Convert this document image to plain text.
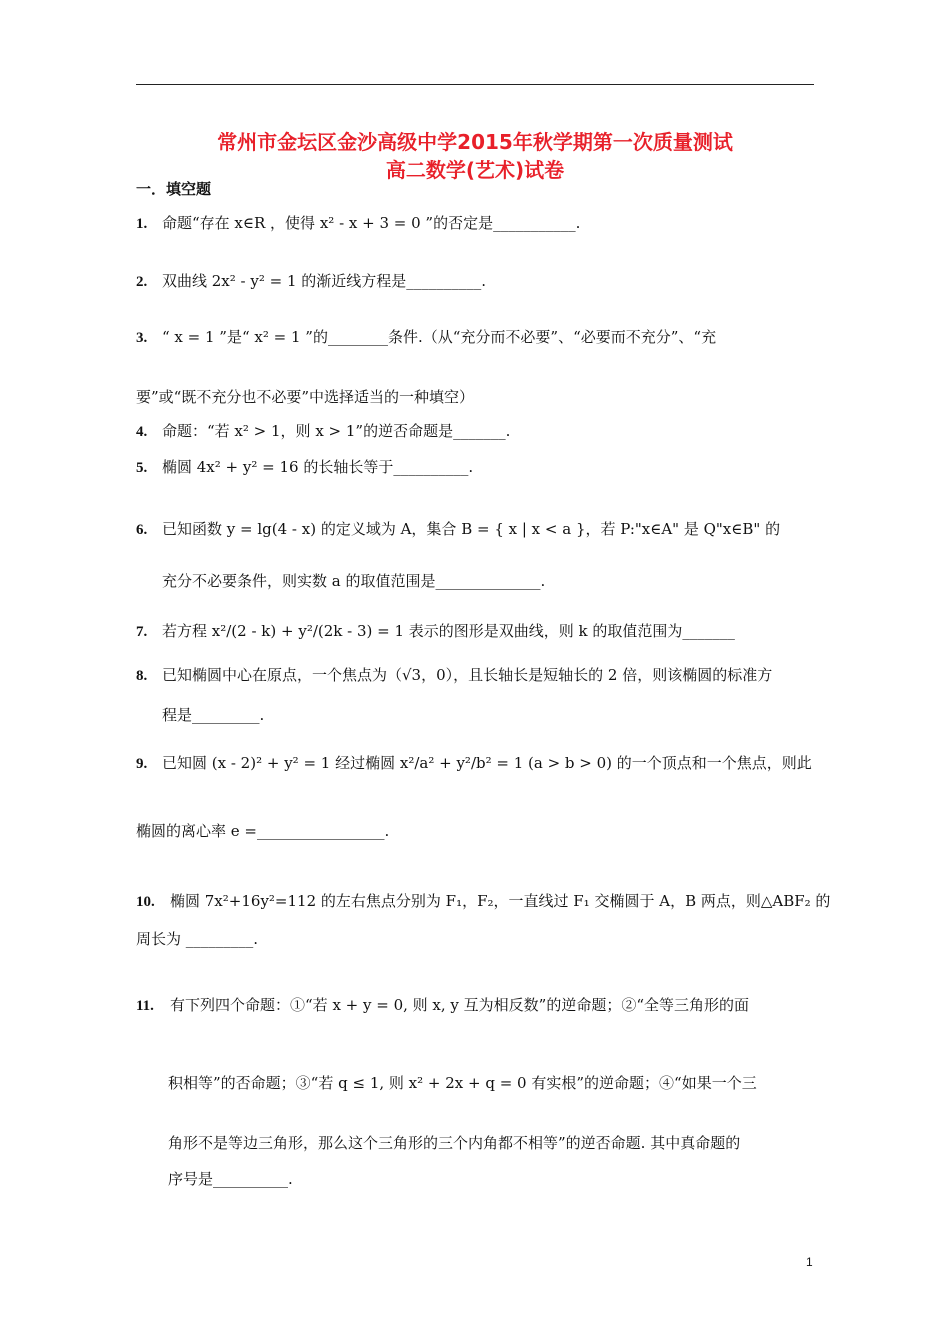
常州市金坛区金沙高级中学2015年秋学期第一次质量测试
高二数学(艺术)试卷
一．填空题
1. 命题“存在 x∈R ，使得 x² - x + 3 = 0 ”的否定是___________.
2. 双曲线 2x² - y² = 1 的渐近线方程是__________.
3. “ x = 1 ”是“ x² = 1 ”的________条件.（从“充分而不必要”、“必要而不充分”、“充
要”或“既不充分也不必要”中选择适当的一种填空）
4. 命题：“若 x² > 1，则 x > 1”的逆否命题是_______.
5. 椭圆 4x² + y² = 16 的长轴长等于__________.
6. 已知函数 y = lg(4 - x) 的定义域为 A，集合 B = { x | x < a }，若 P:"x∈A" 是 Q"x∈B" 的
充分不必要条件，则实数 a 的取值范围是______________.
7. 若方程 x²/(2 - k) + y²/(2k - 3) = 1 表示的图形是双曲线，则 k 的取值范围为_______
8. 已知椭圆中心在原点，一个焦点为（√3，0），且长轴长是短轴长的 2 倍，则该椭圆的标准方
程是_________.
9. 已知圆 (x - 2)² + y² = 1 经过椭圆 x²/a² + y²/b² = 1 (a > b > 0) 的一个顶点和一个焦点，则此
椭圆的离心率 e =_________________.
10. 椭圆 7x²+16y²=112 的左右焦点分别为 F₁，F₂，一直线过 F₁ 交椭圆于 A，B 两点，则△ABF₂ 的
周长为 _________.
11. 有下列四个命题：①“若 x + y = 0, 则 x, y 互为相反数”的逆命题；②“全等三角形的面
积相等”的否命题；③“若 q ≤ 1, 则 x² + 2x + q = 0 有实根”的逆命题；④“如果一个三
角形不是等边三角形，那么这个三角形的三个内角都不相等”的逆否命题. 其中真命题的
序号是__________.
1
